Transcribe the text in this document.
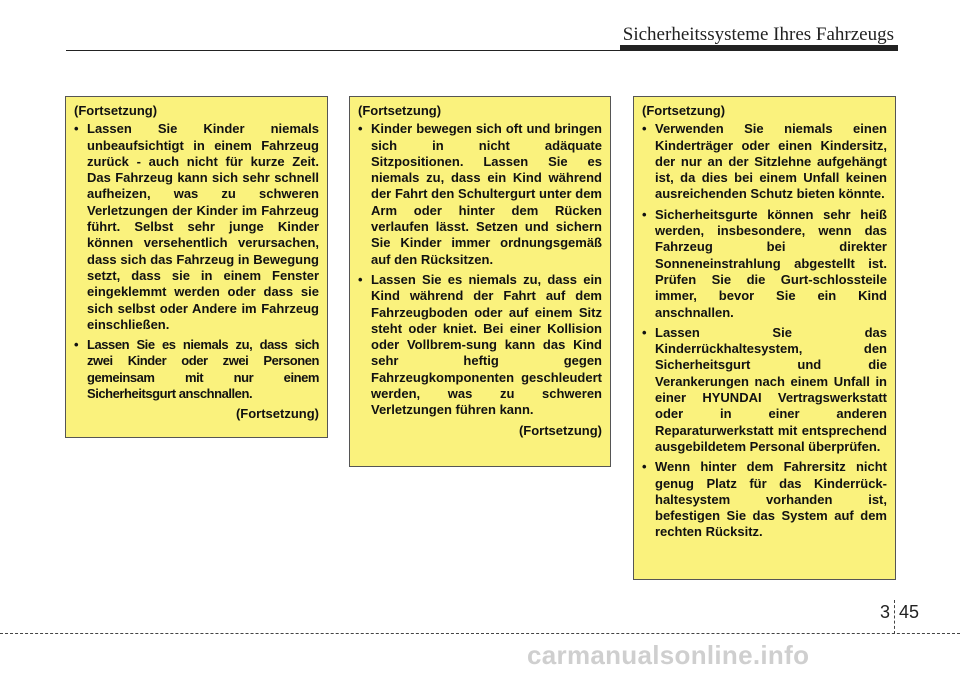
Sicherheitssysteme Ihres Fahrzeugs

(Fortsetzung)

• Lassen Sie Kinder niemals unbeaufsichtigt in einem Fahrzeug zurück - auch nicht für kurze Zeit. Das Fahrzeug kann sich sehr schnell aufheizen, was zu schweren Verletzungen der Kinder im Fahrzeug führt. Selbst sehr junge Kinder können versehentlich verursachen, dass sich das Fahrzeug in Bewegung setzt, dass sie in einem Fenster eingeklemmt werden oder dass sie sich selbst oder Andere im Fahrzeug einschließen.
• Lassen Sie es niemals zu, dass sich zwei Kinder oder zwei Personen gemeinsam mit nur einem Sicherheitsgurt anschnallen.

(Fortsetzung)

(Fortsetzung)

• Kinder bewegen sich oft und bringen sich in nicht adäquate Sitzpositionen. Lassen Sie es niemals zu, dass ein Kind während der Fahrt den Schultergurt unter dem Arm oder hinter dem Rücken verlaufen lässt. Setzen und sichern Sie Kinder immer ordnungsgemäß auf den Rücksitzen.
• Lassen Sie es niemals zu, dass ein Kind während der Fahrt auf dem Fahrzeugboden oder auf einem Sitz steht oder kniet. Bei einer Kollision oder Vollbrem-sung kann das Kind sehr heftig gegen Fahrzeugkomponenten geschleudert werden, was zu schweren Verletzungen führen kann.

(Fortsetzung)

(Fortsetzung)

• Verwenden Sie niemals einen Kinderträger oder einen Kindersitz, der nur an der Sitzlehne aufgehängt ist, da dies bei einem Unfall keinen ausreichenden Schutz bieten könnte.
• Sicherheitsgurte können sehr heiß werden, insbesondere, wenn das Fahrzeug bei direkter Sonneneinstrahlung abgestellt ist. Prüfen Sie die Gurt-schlossteile immer, bevor Sie ein Kind anschnallen.
• Lassen Sie das Kinderrückhaltesystem, den Sicherheitsgurt und die Verankerungen nach einem Unfall in einer HYUNDAI Vertragswerkstatt oder in einer anderen Reparaturwerkstatt mit entsprechend ausgebildetem Personal überprüfen.
• Wenn hinter dem Fahrersitz nicht genug Platz für das Kinderrück-haltesystem vorhanden ist, befestigen Sie das System auf dem rechten Rücksitz.
3 45
carmanualsonline.info
